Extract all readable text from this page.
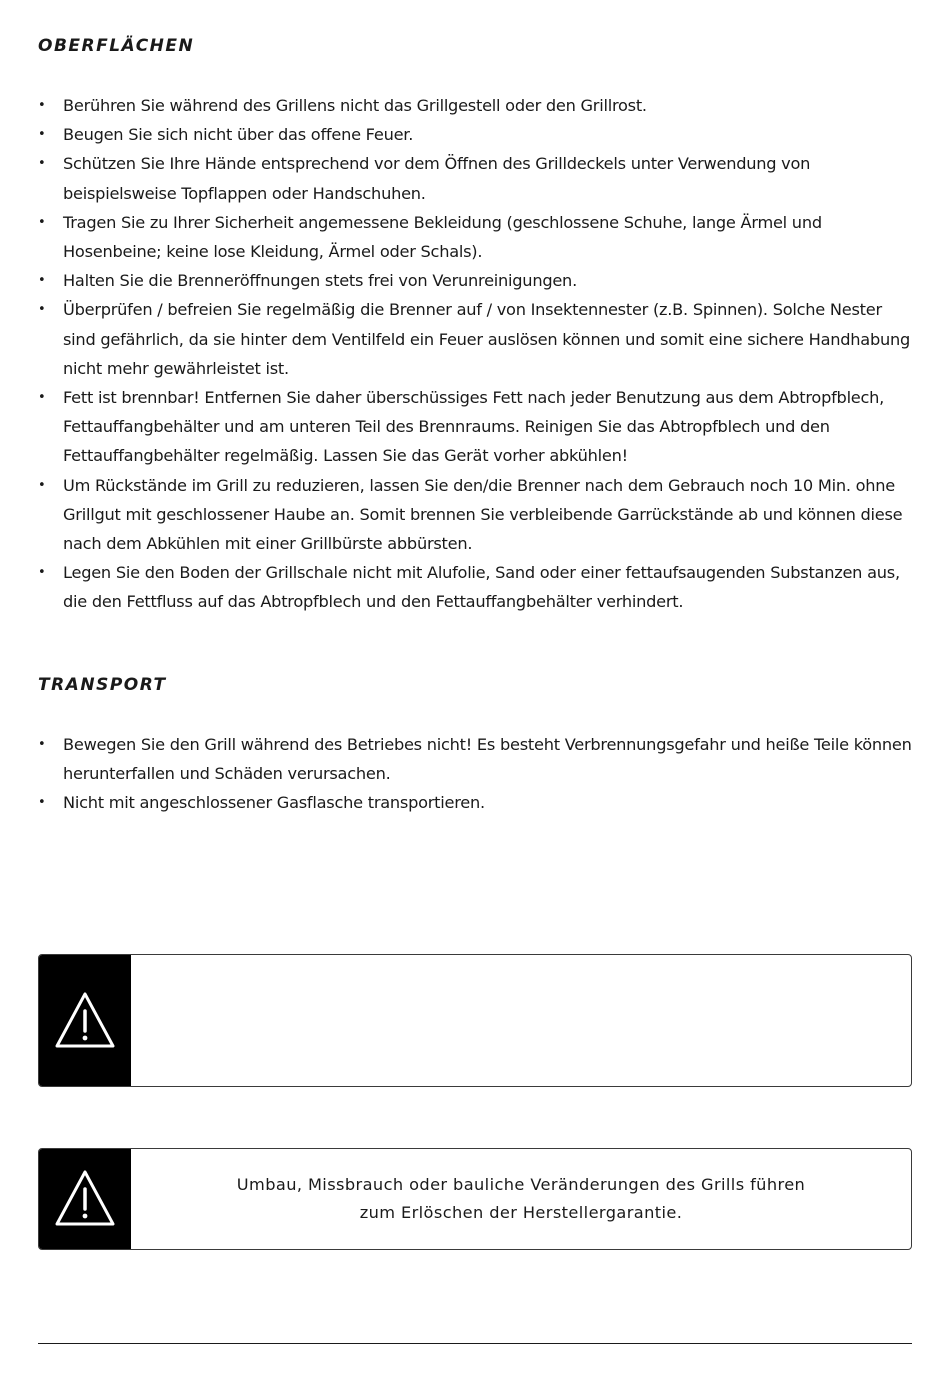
OBERFLÄCHEN
• Berühren Sie während des Grillens nicht das Grillgestell oder den Grillrost.
• Beugen Sie sich nicht über das offene Feuer.
• Schützen Sie Ihre Hände entsprechend vor dem Öffnen des Grilldeckels unter Verwendung von beispielsweise Topflappen oder Handschuhen.
• Tragen Sie zu Ihrer Sicherheit angemessene Bekleidung (geschlossene Schuhe, lange Ärmel und Hosenbeine; keine lose Kleidung, Ärmel oder Schals).
• Halten Sie die Brenneröffnungen stets frei von Verunreinigungen.
• Überprüfen / befreien Sie regelmäßig die Brenner auf / von Insektennester (z.B. Spinnen). Solche Nester sind gefährlich, da sie hinter dem Ventilfeld ein Feuer auslösen können und somit eine sichere Handhabung nicht mehr gewährleistet ist.
• Fett ist brennbar! Entfernen Sie daher überschüssiges Fett nach jeder Benutzung aus dem Abtropfblech, Fettauffangbehälter und am unteren Teil des Brennraums. Reinigen Sie das Abtropfblech und den Fettauffangbehälter regelmäßig. Lassen Sie das Gerät vorher abkühlen!
• Um Rückstände im Grill zu reduzieren, lassen Sie den/die Brenner nach dem Gebrauch noch 10 Min. ohne Grillgut mit geschlossener Haube an. Somit brennen Sie verbleibende Garrückstände ab und können diese nach dem Abkühlen mit einer Grillbürste abbürsten.
• Legen Sie den Boden der Grillschale nicht mit Alufolie, Sand oder einer fettaufsaugenden Substanzen aus, die den Fettfluss auf das Abtropfblech und den Fettauffangbehälter verhindert.
TRANSPORT
• Bewegen Sie den Grill während des Betriebes nicht! Es besteht Verbrennungsgefahr und heiße Teile können herunterfallen und Schäden verursachen.
• Nicht mit angeschlossener Gasflasche transportieren.
Umbau, Missbrauch oder bauliche Veränderungen des Grills führen
zum Erlöschen der Herstellergarantie.
